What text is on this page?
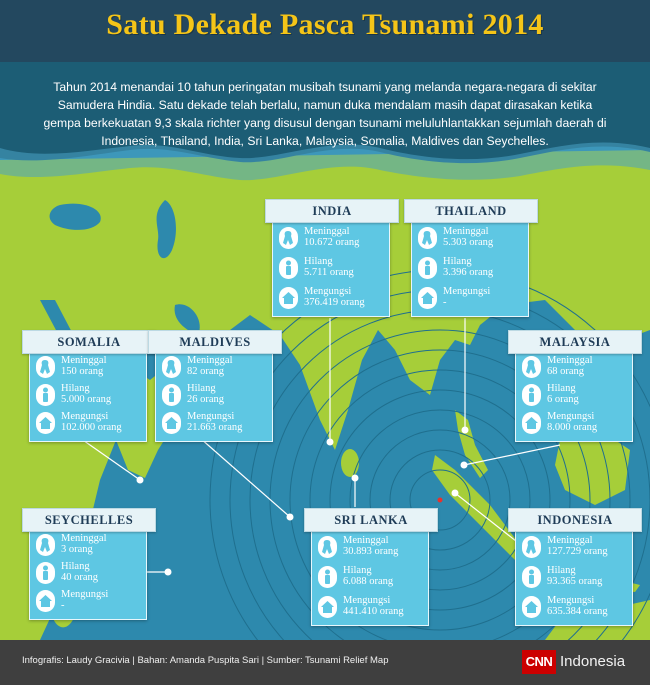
Satu Dekade Pasca Tsunami 2014
Tahun 2014 menandai 10 tahun peringatan musibah tsunami yang melanda negara-negara di sekitar Samudera Hindia. Satu dekade telah berlalu, namun duka mendalam masih dapat dirasakan ketika gempa berkekuatan 9,3 skala richter yang disusul dengan tsunami meluluhlantakkan sejumlah daerah di Indonesia, Thailand, India, Sri Lanka, Malaysia, Somalia, Maldives dan Seychelles.
INDIA
Meninggal
10.672 orang
Hilang
5.711 orang
Mengungsi
376.419 orang
THAILAND
Meninggal
5.303 orang
Hilang
3.396 orang
Mengungsi
-
SOMALIA
Meninggal
150 orang
Hilang
5.000 orang
Mengungsi
102.000 orang
MALDIVES
Meninggal
82 orang
Hilang
26 orang
Mengungsi
21.663 orang
MALAYSIA
Meninggal
68 orang
Hilang
6 orang
Mengungsi
8.000 orang
SEYCHELLES
Meninggal
3 orang
Hilang
40 orang
Mengungsi
-
SRI LANKA
Meninggal
30.893 orang
Hilang
6.088 orang
Mengungsi
441.410 orang
INDONESIA
Meninggal
127.729 orang
Hilang
93.365 orang
Mengungsi
635.384 orang
Infografis: Laudy Gracivia | Bahan: Amanda Puspita Sari | Sumber: Tsunami Relief Map	CNN Indonesia
